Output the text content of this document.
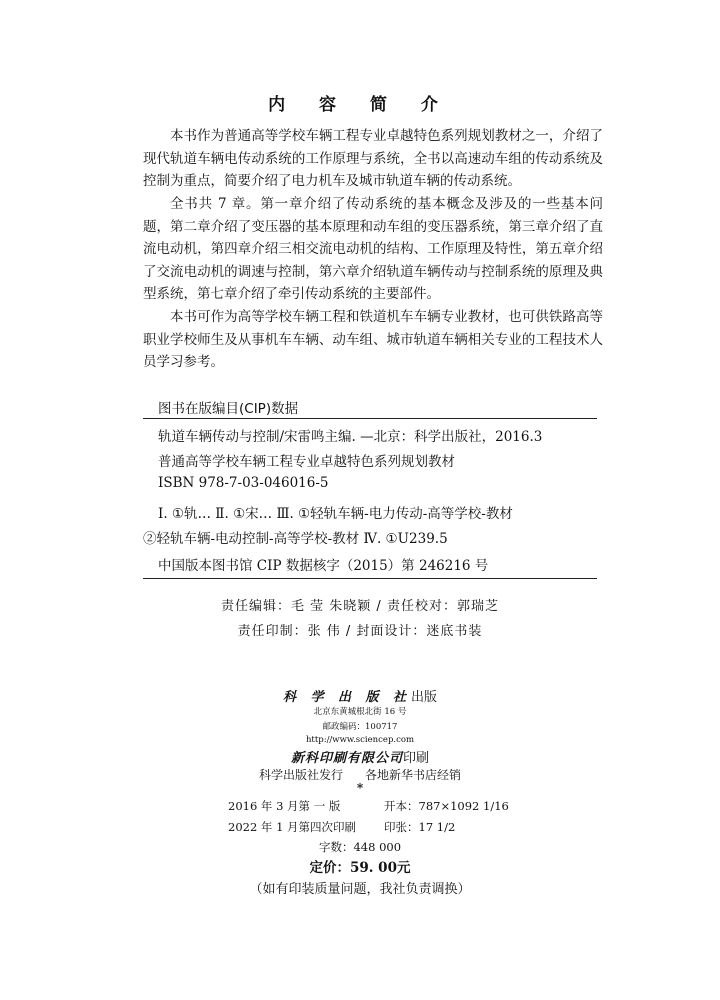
内 容 简 介

本书作为普通高等学校车辆工程专业卓越特色系列规划教材之一，介绍了现代轨道车辆电传动系统的工作原理与系统，全书以高速动车组的传动系统及控制为重点，简要介绍了电力机车及城市轨道车辆的传动系统。

全书共 7 章。第一章介绍了传动系统的基本概念及涉及的一些基本问题，第二章介绍了变压器的基本原理和动车组的变压器系统，第三章介绍了直流电动机，第四章介绍三相交流电动机的结构、工作原理及特性，第五章介绍了交流电动机的调速与控制，第六章介绍轨道车辆传动与控制系统的原理及典型系统，第七章介绍了牵引传动系统的主要部件。

本书可作为高等学校车辆工程和铁道机车车辆专业教材，也可供铁路高等职业学校师生及从事机车车辆、动车组、城市轨道车辆相关专业的工程技术人员学习参考。

图书在版编目(CIP)数据
轨道车辆传动与控制/宋雷鸣主编. —北京：科学出版社，2016.3
普通高等学校车辆工程专业卓越特色系列规划教材
ISBN 978-7-03-046016-5
Ⅰ. ①轨… Ⅱ. ①宋… Ⅲ. ①轻轨车辆-电力传动-高等学校-教材
②轻轨车辆-电动控制-高等学校-教材 Ⅳ. ①U239.5
中国版本图书馆 CIP 数据核字（2015）第 246216 号
责任编辑：毛 莹 朱晓颖 / 责任校对：郭瑞芝
责任印制：张 伟 / 封面设计：迷底书装
科 学 出 版 社出版
北京东黄城根北街 16 号
邮政编码：100717
http://www.sciencep.com
新科印刷有限公司印刷
科学出版社发行 各地新华书店经销
*
2016 年 3 月第 一 版	开本：787×1092 1/16
2022 年 1 月第四次印刷 印张：17 1/2
字数：448 000
定价：59. 00元
（如有印装质量问题，我社负责调换）
